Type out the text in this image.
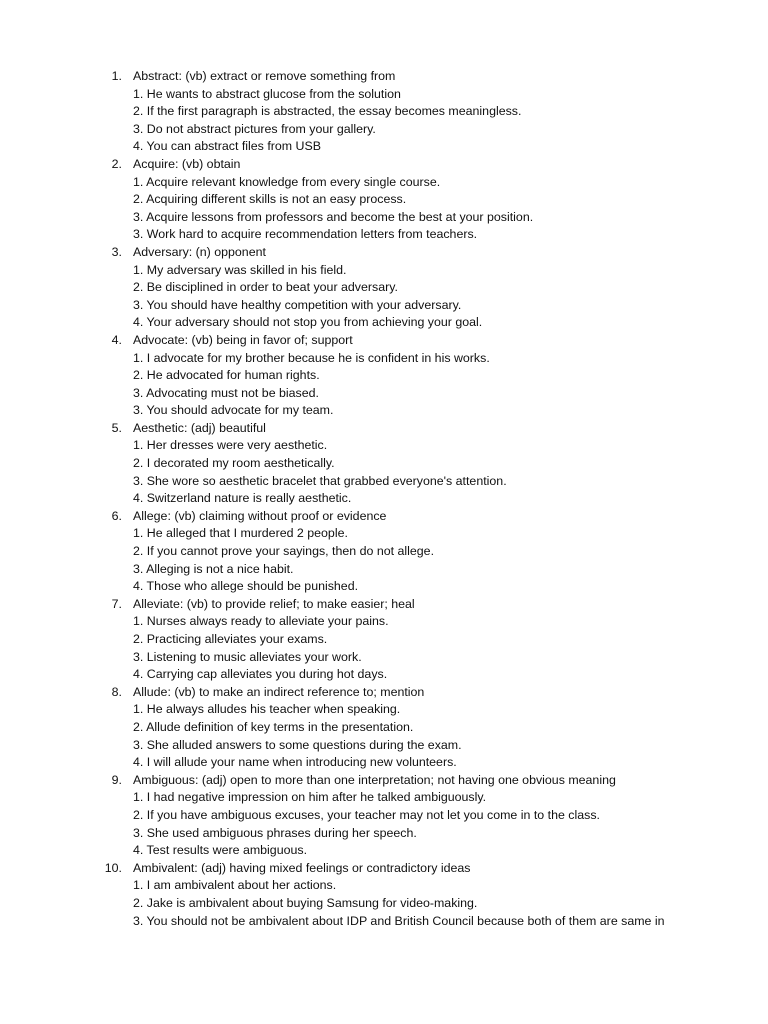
1. Abstract: (vb) extract or remove something from
1. He wants to abstract glucose from the solution
2. If the first paragraph is abstracted, the essay becomes meaningless.
3. Do not abstract pictures from your gallery.
4. You can abstract files from USB
2. Acquire: (vb) obtain
1. Acquire relevant knowledge from every single course.
2. Acquiring different skills is not an easy process.
3. Acquire lessons from professors and become the best at your position.
3. Work hard to acquire recommendation letters from teachers.
3. Adversary: (n) opponent
1. My adversary was skilled in his field.
2. Be disciplined in order to beat your adversary.
3. You should have healthy competition with your adversary.
4. Your adversary should not stop you from achieving your goal.
4. Advocate: (vb) being in favor of; support
1. I advocate for my brother because he is confident in his works.
2. He advocated for human rights.
3. Advocating must not be biased.
3. You should advocate for my team.
5. Aesthetic: (adj) beautiful
1. Her dresses were very aesthetic.
2. I decorated my room aesthetically.
3. She wore so aesthetic bracelet that grabbed everyone's attention.
4. Switzerland nature is really aesthetic.
6. Allege: (vb) claiming without proof or evidence
1. He alleged that I murdered 2 people.
2. If you cannot prove your sayings, then do not allege.
3. Alleging is not a nice habit.
4. Those who allege should be punished.
7. Alleviate: (vb) to provide relief; to make easier; heal
1. Nurses always ready to alleviate your pains.
2. Practicing alleviates your exams.
3. Listening to music alleviates your work.
4. Carrying cap alleviates you during hot days.
8. Allude: (vb) to make an indirect reference to; mention
1. He always alludes his teacher when speaking.
2. Allude definition of key terms in the presentation.
3. She alluded answers to some questions during the exam.
4. I will allude your name when introducing new volunteers.
9. Ambiguous: (adj) open to more than one interpretation; not having one obvious meaning
1. I had negative impression on him after he talked ambiguously.
2. If you have ambiguous excuses, your teacher may not let you come in to the class.
3. She used ambiguous phrases during her speech.
4. Test results were ambiguous.
10. Ambivalent: (adj) having mixed feelings or contradictory ideas
1. I am ambivalent about her actions.
2. Jake is ambivalent about buying Samsung for video-making.
3. You should not be ambivalent about IDP and British Council because both of them are same in
